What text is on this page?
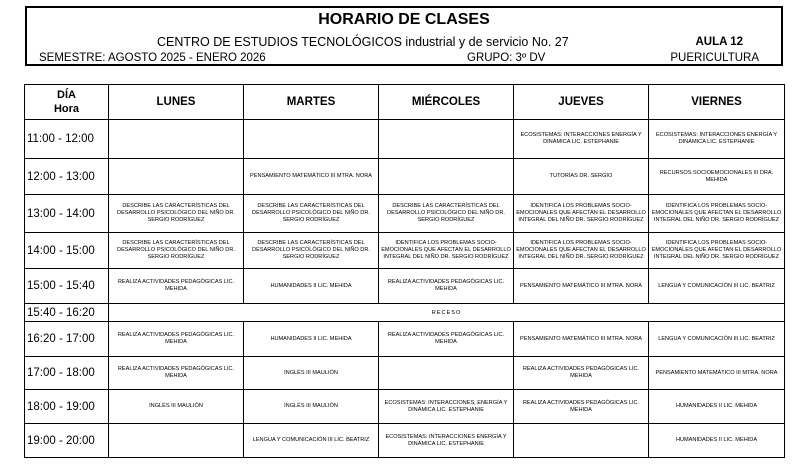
HORARIO DE CLASES
CENTRO DE ESTUDIOS TECNOLÓGICOS industrial y de servicio No. 27	AULA 12
SEMESTRE: AGOSTO 2025 - ENERO 2026	GRUPO: 3º DV	PUERICULTURA
DÍA
Hora	LUNES	MARTES	MIÉRCOLES	JUEVES	VIERNES
11:00 - 12:00				ECOSISTEMAS: INTERACCIONES ENERGÍA Y DINÁMICA LIC. ESTEPHANIE	ECOSISTEMAS: INTERACCIONES ENERGÍA Y DINÁMICA LIC. ESTEPHANIE
12:00 - 13:00		PENSAMIENTO MATEMÁTICO III MTRA. NORA		TUTORÍAS DR. SERGIO	RECURSOS SOCIOEMOCIONALES III DRA. MEHIDA
13:00 - 14:00	DESCRIBE LAS CARACTERÍSTICAS DEL DESARROLLO PSICOLÓGICO DEL NIÑO DR. SERGIO RODRÍGUEZ	DESCRIBE LAS CARACTERÍSTICAS DEL DESARROLLO PSICOLÓGICO DEL NIÑO DR. SERGIO RODRÍGUEZ	DESCRIBE LAS CARACTERÍSTICAS DEL DESARROLLO PSICOLÓGICO DEL NIÑO DR. SERGIO RODRÍGUEZ	IDENTIFICA LOS PROBLEMAS SOCIO-EMOCIONALES QUE AFECTAN EL DESARROLLO INTEGRAL DEL NIÑO DR. SERGIO RODRÍGUEZ	IDENTIFICA LOS PROBLEMAS SOCIO-EMOCIONALES QUE AFECTAN EL DESARROLLO INTEGRAL DEL NIÑO DR. SERGIO RODRÍGUEZ
14:00 - 15:00	DESCRIBE LAS CARACTERÍSTICAS DEL DESARROLLO PSICOLÓGICO DEL NIÑO DR. SERGIO RODRÍGUEZ	DESCRIBE LAS CARACTERÍSTICAS DEL DESARROLLO PSICOLÓGICO DEL NIÑO DR. SERGIO RODRÍGUEZ	IDENTIFICA LOS PROBLEMAS SOCIO-EMOCIONALES QUE AFECTAN EL DESARROLLO INTEGRAL DEL NIÑO DR. SERGIO RODRÍGUEZ	IDENTIFICA LOS PROBLEMAS SOCIO-EMOCIONALES QUE AFECTAN EL DESARROLLO INTEGRAL DEL NIÑO DR. SERGIO RODRÍGUEZ	IDENTIFICA LOS PROBLEMAS SOCIO-EMOCIONALES QUE AFECTAN EL DESARROLLO INTEGRAL DEL NIÑO DR. SERGIO RODRÍGUEZ
15:00 - 15:40	REALIZA ACTIVIDADES PEDAGÓGICAS LIC. MEHIDA	HUMANIDADES II LIC. MEHIDA	REALIZA ACTIVIDADES PEDAGÓGICAS LIC. MEHIDA	PENSAMIENTO MATEMÁTICO III MTRA. NORA	LENGUA Y COMUNICACIÓN III LIC. BEATRIZ
15:40 - 16:20	RECESO				
16:20 - 17:00	REALIZA ACTIVIDADES PEDAGÓGICAS LIC. MEHIDA	HUMANIDADES II LIC. MEHIDA	REALIZA ACTIVIDADES PEDAGÓGICAS LIC. MEHIDA	PENSAMIENTO MATEMÁTICO III MTRA. NORA	LENGUA Y COMUNICACIÓN III LIC. BEATRIZ
17:00 - 18:00	REALIZA ACTIVIDADES PEDAGÓGICAS LIC. MEHIDA	INGLÉS III MAULIÓN		REALIZA ACTIVIDADES PEDAGÓGICAS LIC. MEHIDA	PENSAMIENTO MATEMÁTICO III MTRA. NORA
18:00 - 19:00	INGLÉS III MAULIÓN	INGLÉS III MAULIÓN	ECOSISTEMAS: INTERACCIONES, ENERGÍA Y DINÁMICA LIC. ESTEPHANIE	REALIZA ACTIVIDADES PEDAGÓGICAS LIC. MEHIDA	HUMANIDADES II LIC. MEHIDA
19:00 - 20:00		LENGUA Y COMUNICACIÓN III LIC. BEATRIZ	ECOSISTEMAS: INTERACCIONES ENERGÍA Y DINÁMICA LIC. ESTEPHANIE		HUMANIDADES II LIC. MEHIDA
